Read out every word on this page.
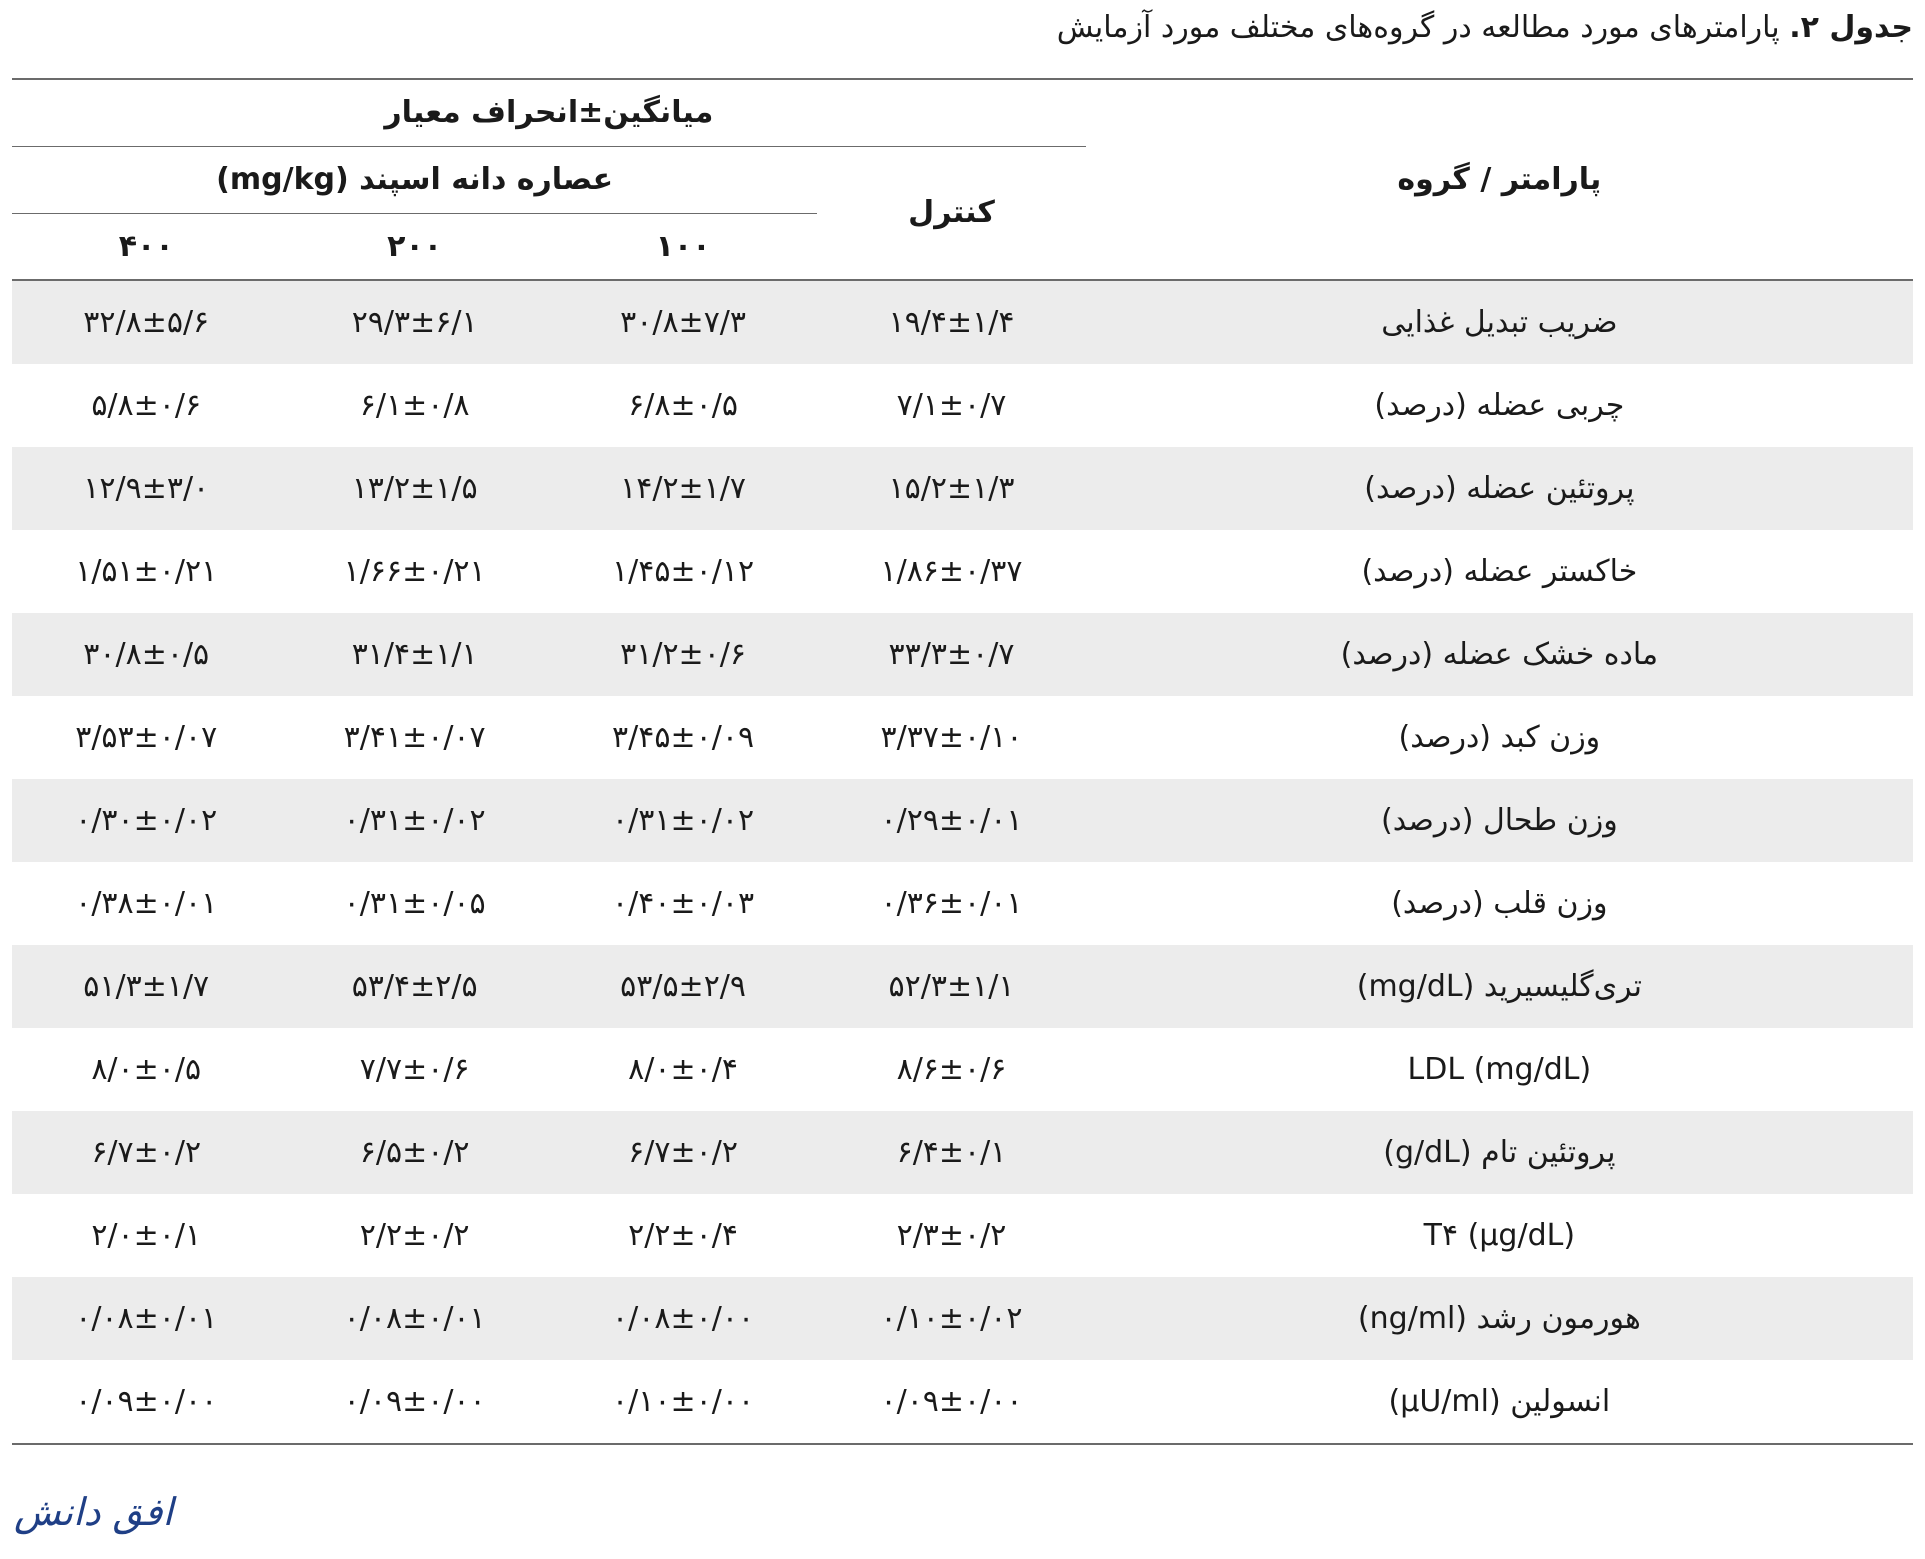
جدول ۲. پارامترهای مورد مطالعه در گروه‌های مختلف مورد آزمایش
پارامتر / گروه	میانگین±انحراف معیار			
	کنترل	عصاره دانه اسپند (mg/kg)		
		۱۰۰	۲۰۰	۴۰۰
ضریب تبدیل غذایی	۱۹/۴±۱/۴	۳۰/۸±۷/۳	۲۹/۳±۶/۱	۳۲/۸±۵/۶
چربی عضله (درصد)	۷/۱±۰/۷	۶/۸±۰/۵	۶/۱±۰/۸	۵/۸±۰/۶
پروتئین عضله (درصد)	۱۵/۲±۱/۳	۱۴/۲±۱/۷	۱۳/۲±۱/۵	۱۲/۹±۳/۰
خاکستر عضله (درصد)	۱/۸۶±۰/۳۷	۱/۴۵±۰/۱۲	۱/۶۶±۰/۲۱	۱/۵۱±۰/۲۱
ماده خشک عضله (درصد)	۳۳/۳±۰/۷	۳۱/۲±۰/۶	۳۱/۴±۱/۱	۳۰/۸±۰/۵
وزن کبد (درصد)	۳/۳۷±۰/۱۰	۳/۴۵±۰/۰۹	۳/۴۱±۰/۰۷	۳/۵۳±۰/۰۷
وزن طحال (درصد)	۰/۲۹±۰/۰۱	۰/۳۱±۰/۰۲	۰/۳۱±۰/۰۲	۰/۳۰±۰/۰۲
وزن قلب (درصد)	۰/۳۶±۰/۰۱	۰/۴۰±۰/۰۳	۰/۳۱±۰/۰۵	۰/۳۸±۰/۰۱
تری‌گلیسیرید (mg/dL)	۵۲/۳±۱/۱	۵۳/۵±۲/۹	۵۳/۴±۲/۵	۵۱/۳±۱/۷
LDL (mg/dL)	۸/۶±۰/۶	۸/۰±۰/۴	۷/۷±۰/۶	۸/۰±۰/۵
پروتئین تام (g/dL)	۶/۴±۰/۱	۶/۷±۰/۲	۶/۵±۰/۲	۶/۷±۰/۲
T۴ (µg/dL)	۲/۳±۰/۲	۲/۲±۰/۴	۲/۲±۰/۲	۲/۰±۰/۱
هورمون رشد (ng/ml)	۰/۱۰±۰/۰۲	۰/۰۸±۰/۰۰	۰/۰۸±۰/۰۱	۰/۰۸±۰/۰۱
انسولین (µU/ml)	۰/۰۹±۰/۰۰	۰/۱۰±۰/۰۰	۰/۰۹±۰/۰۰	۰/۰۹±۰/۰۰
افق دانش
